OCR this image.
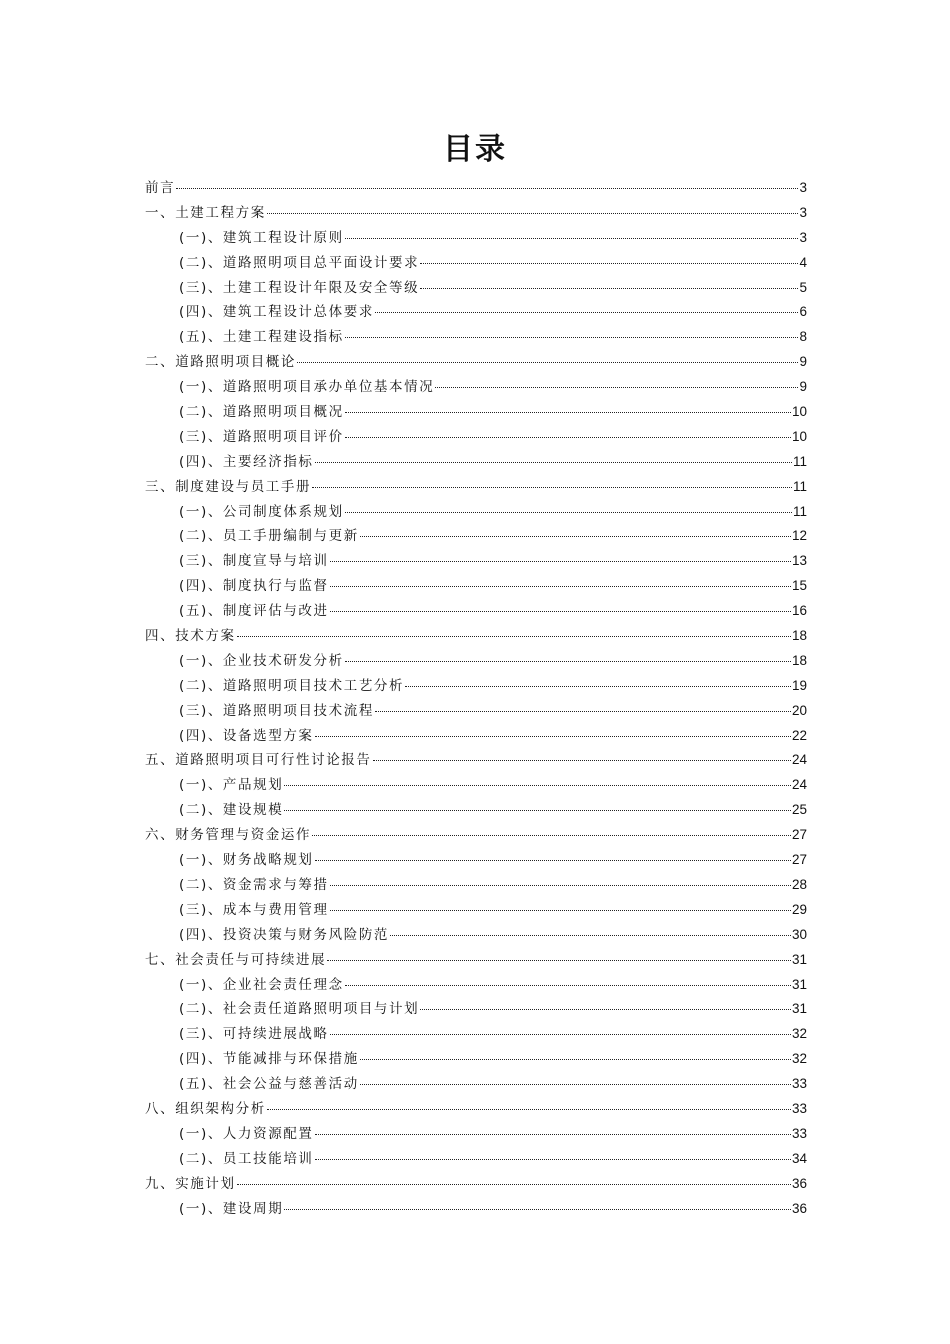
目录
前言	3
一、土建工程方案	3
(一)、建筑工程设计原则	3
(二)、道路照明项目总平面设计要求	4
(三)、土建工程设计年限及安全等级	5
(四)、建筑工程设计总体要求	6
(五)、土建工程建设指标	8
二、道路照明项目概论	9
(一)、道路照明项目承办单位基本情况	9
(二)、道路照明项目概况	10
(三)、道路照明项目评价	10
(四)、主要经济指标	11
三、制度建设与员工手册	11
(一)、公司制度体系规划	11
(二)、员工手册编制与更新	12
(三)、制度宣导与培训	13
(四)、制度执行与监督	15
(五)、制度评估与改进	16
四、技术方案	18
(一)、企业技术研发分析	18
(二)、道路照明项目技术工艺分析	19
(三)、道路照明项目技术流程	20
(四)、设备选型方案	22
五、道路照明项目可行性讨论报告	24
(一)、产品规划	24
(二)、建设规模	25
六、财务管理与资金运作	27
(一)、财务战略规划	27
(二)、资金需求与筹措	28
(三)、成本与费用管理	29
(四)、投资决策与财务风险防范	30
七、社会责任与可持续进展	31
(一)、企业社会责任理念	31
(二)、社会责任道路照明项目与计划	31
(三)、可持续进展战略	32
(四)、节能减排与环保措施	32
(五)、社会公益与慈善活动	33
八、组织架构分析	33
(一)、人力资源配置	33
(二)、员工技能培训	34
九、实施计划	36
(一)、建设周期	36
